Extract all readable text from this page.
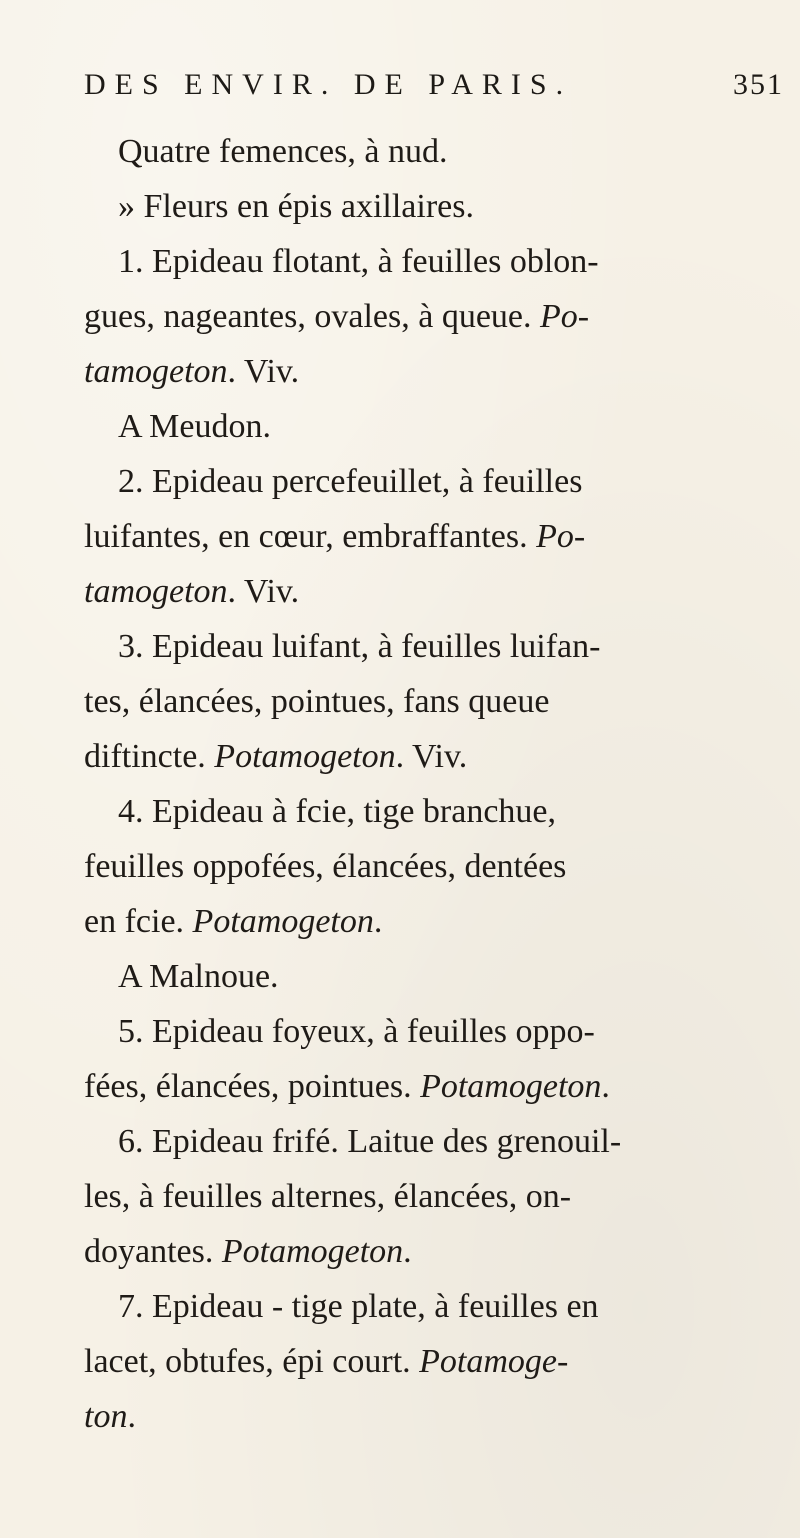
DES ENVIR. DE PARIS.	351
Quatre femences, à nud.
» Fleurs en épis axillaires.
1. Epideau flotant, à feuilles oblon-
gues, nageantes, ovales, à queue. Po-
tamogeton. Viv.
A Meudon.
2. Epideau percefeuillet, à feuilles
luifantes, en cœur, embraffantes. Po-
tamogeton. Viv.
3. Epideau luifant, à feuilles luifan-
tes, élancées, pointues, fans queue
diftincte. Potamogeton. Viv.
4. Epideau à fcie, tige branchue,
feuilles oppofées, élancées, dentées
en fcie. Potamogeton.
A Malnoue.
5. Epideau foyeux, à feuilles oppo-
fées, élancées, pointues. Potamogeton.
6. Epideau frifé. Laitue des grenouil-
les, à feuilles alternes, élancées, on-
doyantes. Potamogeton.
7. Epideau - tige plate, à feuilles en
lacet, obtufes, épi court. Potamoge-
ton.
